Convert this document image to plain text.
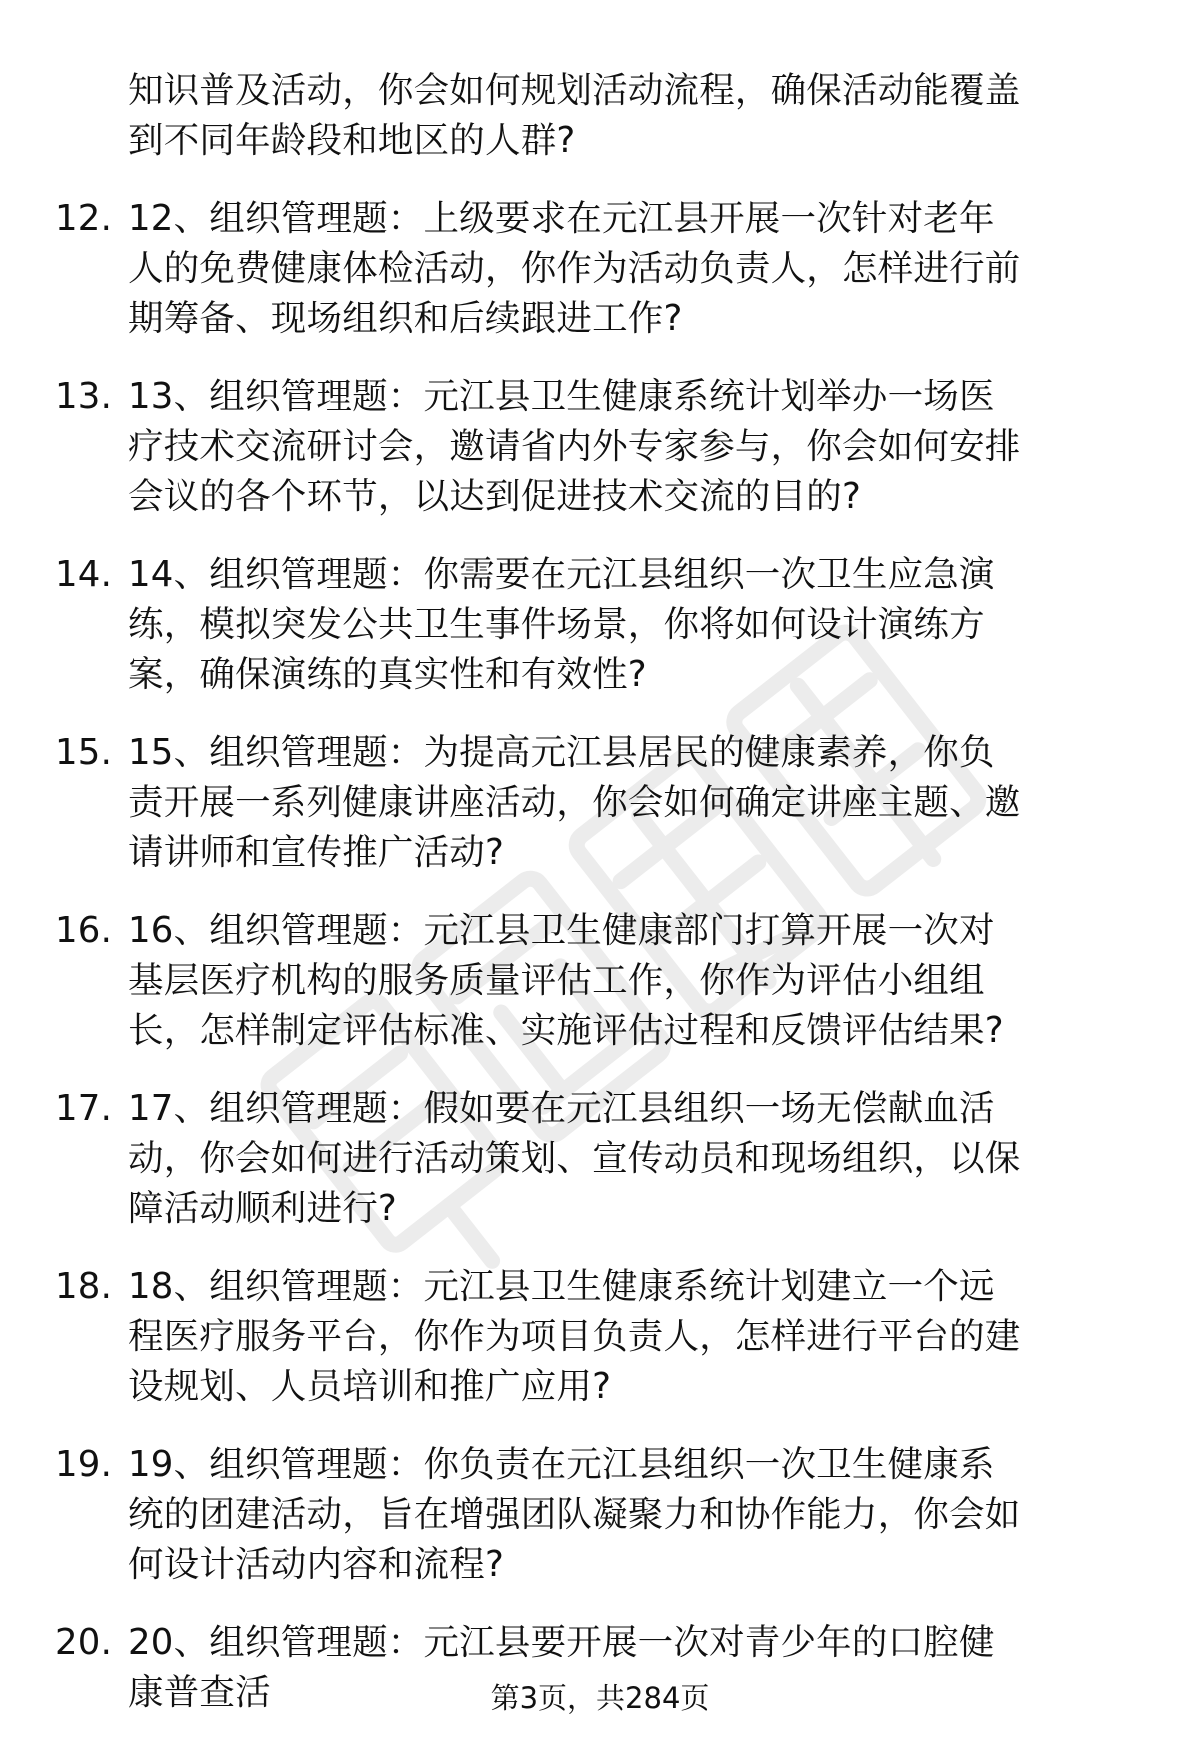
知识普及活动，你会如何规划活动流程，确保活动能覆盖到不同年龄段和地区的人群?

12. 12、组织管理题：上级要求在元江县开展一次针对老年人的免费健康体检活动，你作为活动负责人，怎样进行前期筹备、现场组织和后续跟进工作?
13. 13、组织管理题：元江县卫生健康系统计划举办一场医疗技术交流研讨会，邀请省内外专家参与，你会如何安排会议的各个环节，以达到促进技术交流的目的?
14. 14、组织管理题：你需要在元江县组织一次卫生应急演练，模拟突发公共卫生事件场景，你将如何设计演练方案，确保演练的真实性和有效性?
15. 15、组织管理题：为提高元江县居民的健康素养，你负责开展一系列健康讲座活动，你会如何确定讲座主题、邀请讲师和宣传推广活动?
16. 16、组织管理题：元江县卫生健康部门打算开展一次对基层医疗机构的服务质量评估工作，你作为评估小组组长，怎样制定评估标准、实施评估过程和反馈评估结果?
17. 17、组织管理题：假如要在元江县组织一场无偿献血活动，你会如何进行活动策划、宣传动员和现场组织，以保障活动顺利进行?
18. 18、组织管理题：元江县卫生健康系统计划建立一个远程医疗服务平台，你作为项目负责人，怎样进行平台的建设规划、人员培训和推广应用?
19. 19、组织管理题：你负责在元江县组织一次卫生健康系统的团建活动，旨在增强团队凝聚力和协作能力，你会如何设计活动内容和流程?
20. 20、组织管理题：元江县要开展一次对青少年的口腔健康普查活	第3页，共284页
